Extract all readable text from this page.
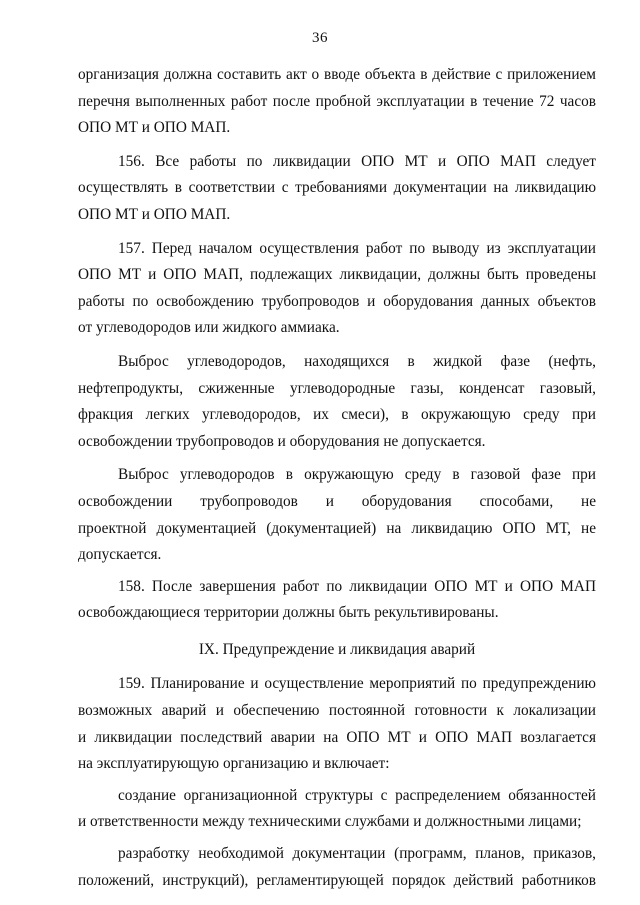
36
организация должна составить акт о вводе объекта в действие с приложением
перечня выполненных работ после пробной эксплуатации в течение 72 часов
ОПО МТ и ОПО МАП.
156. Все работы по ликвидации ОПО МТ и ОПО МАП следует
осуществлять в соответствии с требованиями документации на ликвидацию
ОПО МТ и ОПО МАП.
157. Перед началом осуществления работ по выводу из эксплуатации
ОПО МТ и ОПО МАП, подлежащих ликвидации, должны быть проведены
работы по освобождению трубопроводов и оборудования данных объектов
от углеводородов или жидкого аммиака.
Выброс углеводородов, находящихся в жидкой фазе (нефть,
нефтепродукты, сжиженные углеводородные газы, конденсат газовый,
фракция легких углеводородов, их смеси), в окружающую среду при
освобождении трубопроводов и оборудования не допускается.
Выброс углеводородов в окружающую среду в газовой фазе при
освобождении трубопроводов и оборудования способами, не
проектной документацией (документацией) на ликвидацию ОПО МТ, не
допускается.
158. После завершения работ по ликвидации ОПО МТ и ОПО МАП
освобождающиеся территории должны быть рекультивированы.
IX. Предупреждение и ликвидация аварий
159. Планирование и осуществление мероприятий по предупреждению
возможных аварий и обеспечению постоянной готовности к локализации
и ликвидации последствий аварии на ОПО МТ и ОПО МАП возлагается
на эксплуатирующую организацию и включает:
создание организационной структуры с распределением обязанностей
и ответственности между техническими службами и должностными лицами;
разработку необходимой документации (программ, планов, приказов,
положений, инструкций), регламентирующей порядок действий работников
